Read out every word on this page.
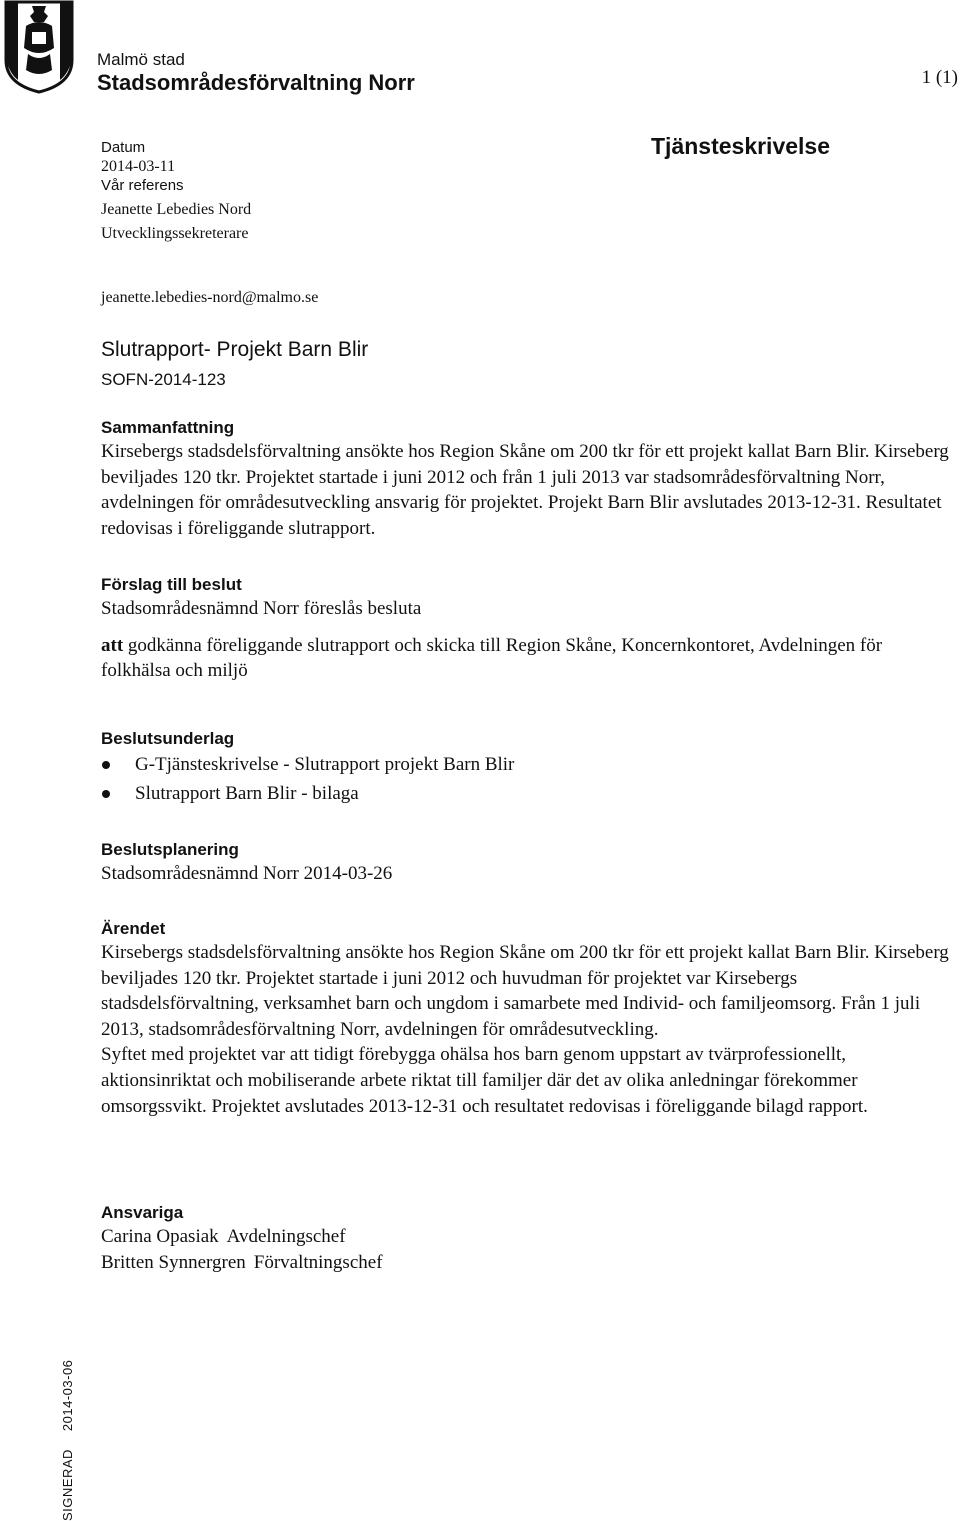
Malmö stad
Stadsområdesförvaltning Norr	1 (1)
Tjänsteskrivelse
Datum
2014-03-11
Vår referens
Jeanette Lebedies Nord
Utvecklingssekreterare
jeanette.lebedies-nord@malmo.se
Slutrapport- Projekt Barn Blir
SOFN-2014-123
Sammanfattning

Kirsebergs stadsdelsförvaltning ansökte hos Region Skåne om 200 tkr för ett projekt kallat Barn Blir. Kirseberg beviljades 120 tkr. Projektet startade i juni 2012 och från 1 juli 2013 var stadsområdesförvaltning Norr, avdelningen för områdesutveckling ansvarig för projektet. Projekt Barn Blir avslutades 2013-12-31. Resultatet redovisas i föreliggande slutrapport.

Förslag till beslut

Stadsområdesnämnd Norr föreslås besluta

att godkänna föreliggande slutrapport och skicka till Region Skåne, Koncernkontoret, Avdelningen för folkhälsa och miljö

Beslutsunderlag
G-Tjänsteskrivelse - Slutrapport projekt Barn Blir
Slutrapport Barn Blir - bilaga
Beslutsplanering

Stadsområdesnämnd Norr 2014-03-26

Ärendet

Kirsebergs stadsdelsförvaltning ansökte hos Region Skåne om 200 tkr för ett projekt kallat Barn Blir. Kirseberg beviljades 120 tkr. Projektet startade i juni 2012 och huvudman för projektet var Kirsebergs stadsdelsförvaltning, verksamhet barn och ungdom i samarbete med Individ- och familjeomsorg. Från 1 juli 2013, stadsområdesförvaltning Norr, avdelningen för områdesutveckling.

Syftet med projektet var att tidigt förebygga ohälsa hos barn genom uppstart av tvärprofessionellt, aktionsinriktat och mobiliserande arbete riktat till familjer där det av olika anledningar förekommer omsorgssvikt. Projektet avslutades 2013-12-31 och resultatet redovisas i föreliggande bilagd rapport.

Ansvariga
Carina Opasiak Avdelningschef
Britten Synnergren Förvaltningschef
SIGNERAD2014-03-06
